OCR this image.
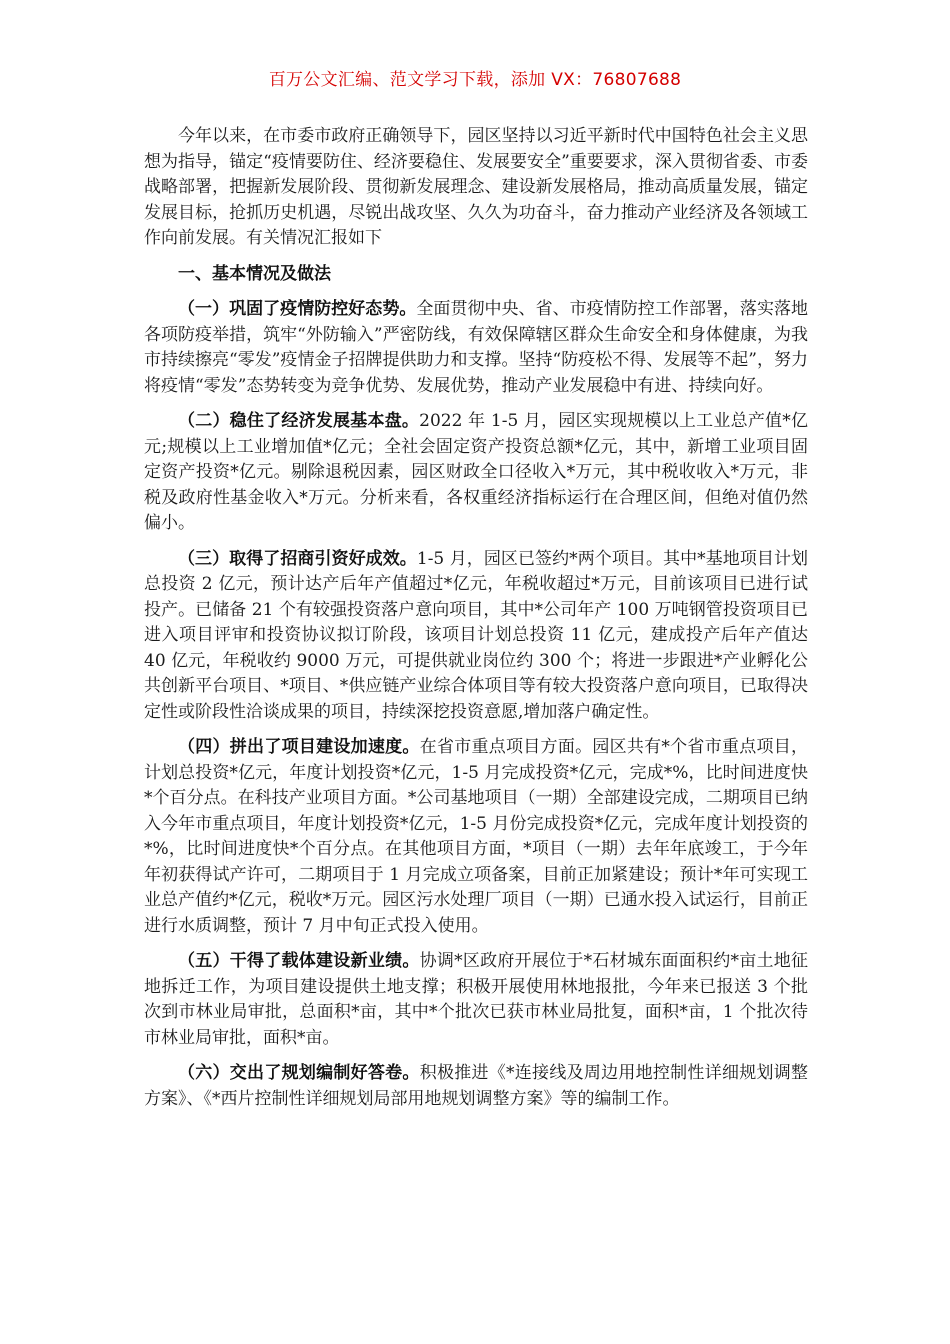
百万公文汇编、范文学习下载，添加 VX：76807688

今年以来，在市委市政府正确领导下，园区坚持以习近平新时代中国特色社会主义思想为指导，锚定“疫情要防住、经济要稳住、发展要安全”重要要求，深入贯彻省委、市委战略部署，把握新发展阶段、贯彻新发展理念、建设新发展格局，推动高质量发展，锚定发展目标，抢抓历史机遇，尽锐出战攻坚、久久为功奋斗，奋力推动产业经济及各领域工作向前发展。有关情况汇报如下

一、基本情况及做法

（一）巩固了疫情防控好态势。全面贯彻中央、省、市疫情防控工作部署，落实落地各项防疫举措，筑牢“外防输入”严密防线，有效保障辖区群众生命安全和身体健康，为我市持续擦亮“零发”疫情金子招牌提供助力和支撑。坚持“防疫松不得、发展等不起”，努力将疫情“零发”态势转变为竞争优势、发展优势，推动产业发展稳中有进、持续向好。

（二）稳住了经济发展基本盘。2022 年 1-5 月，园区实现规模以上工业总产值*亿元;规模以上工业增加值*亿元；全社会固定资产投资总额*亿元，其中，新增工业项目固定资产投资*亿元。剔除退税因素，园区财政全口径收入*万元，其中税收收入*万元，非税及政府性基金收入*万元。分析来看，各权重经济指标运行在合理区间，但绝对值仍然偏小。

（三）取得了招商引资好成效。1-5 月，园区已签约*两个项目。其中*基地项目计划总投资 2 亿元，预计达产后年产值超过*亿元，年税收超过*万元，目前该项目已进行试投产。已储备 21 个有较强投资落户意向项目，其中*公司年产 100 万吨钢管投资项目已进入项目评审和投资协议拟订阶段，该项目计划总投资 11 亿元，建成投产后年产值达 40 亿元，年税收约 9000 万元，可提供就业岗位约 300 个；将进一步跟进*产业孵化公共创新平台项目、*项目、*供应链产业综合体项目等有较大投资落户意向项目，已取得决定性或阶段性洽谈成果的项目，持续深挖投资意愿,增加落户确定性。

（四）拼出了项目建设加速度。在省市重点项目方面。园区共有*个省市重点项目，计划总投资*亿元，年度计划投资*亿元，1-5 月完成投资*亿元，完成*%，比时间进度快*个百分点。在科技产业项目方面。*公司基地项目（一期）全部建设完成，二期项目已纳入今年市重点项目，年度计划投资*亿元，1-5 月份完成投资*亿元，完成年度计划投资的*%，比时间进度快*个百分点。在其他项目方面，*项目（一期）去年年底竣工，于今年年初获得试产许可，二期项目于 1 月完成立项备案，目前正加紧建设；预计*年可实现工业总产值约*亿元，税收*万元。园区污水处理厂项目（一期）已通水投入试运行，目前正进行水质调整，预计 7 月中旬正式投入使用。

（五）干得了载体建设新业绩。协调*区政府开展位于*石材城东面面积约*亩土地征地拆迁工作，为项目建设提供土地支撑；积极开展使用林地报批，今年来已报送 3 个批次到市林业局审批，总面积*亩，其中*个批次已获市林业局批复，面积*亩，1 个批次待市林业局审批，面积*亩。

（六）交出了规划编制好答卷。积极推进《*连接线及周边用地控制性详细规划调整方案》、《*西片控制性详细规划局部用地规划调整方案》等的编制工作。
